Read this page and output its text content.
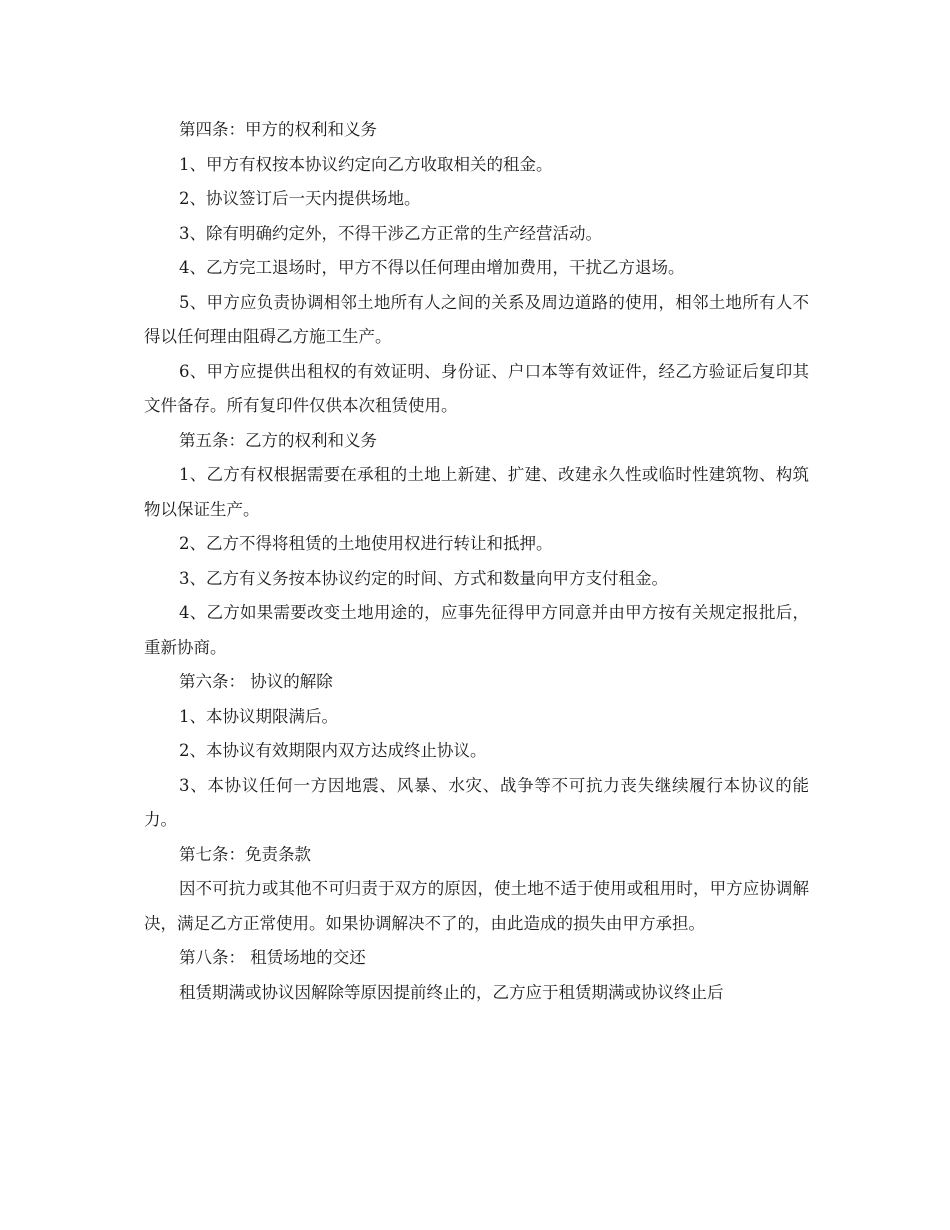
第四条：甲方的权利和义务

1、甲方有权按本协议约定向乙方收取相关的租金。

2、协议签订后一天内提供场地。

3、除有明确约定外，不得干涉乙方正常的生产经营活动。

4、乙方完工退场时，甲方不得以任何理由增加费用，干扰乙方退场。

5、甲方应负责协调相邻土地所有人之间的关系及周边道路的使用，相邻土地所有人不得以任何理由阻碍乙方施工生产。

6、甲方应提供出租权的有效证明、身份证、户口本等有效证件，经乙方验证后复印其文件备存。所有复印件仅供本次租赁使用。

第五条：乙方的权利和义务

1、乙方有权根据需要在承租的土地上新建、扩建、改建永久性或临时性建筑物、构筑物以保证生产。

2、乙方不得将租赁的土地使用权进行转让和抵押。

3、乙方有义务按本协议约定的时间、方式和数量向甲方支付租金。

4、乙方如果需要改变土地用途的，应事先征得甲方同意并由甲方按有关规定报批后，重新协商。

第六条： 协议的解除

1、本协议期限满后。

2、本协议有效期限内双方达成终止协议。

3、本协议任何一方因地震、风暴、水灾、战争等不可抗力丧失继续履行本协议的能力。

第七条：免责条款

因不可抗力或其他不可归责于双方的原因，使土地不适于使用或租用时，甲方应协调解决，满足乙方正常使用。如果协调解决不了的，由此造成的损失由甲方承担。

第八条： 租赁场地的交还

租赁期满或协议因解除等原因提前终止的，乙方应于租赁期满或协议终止后
